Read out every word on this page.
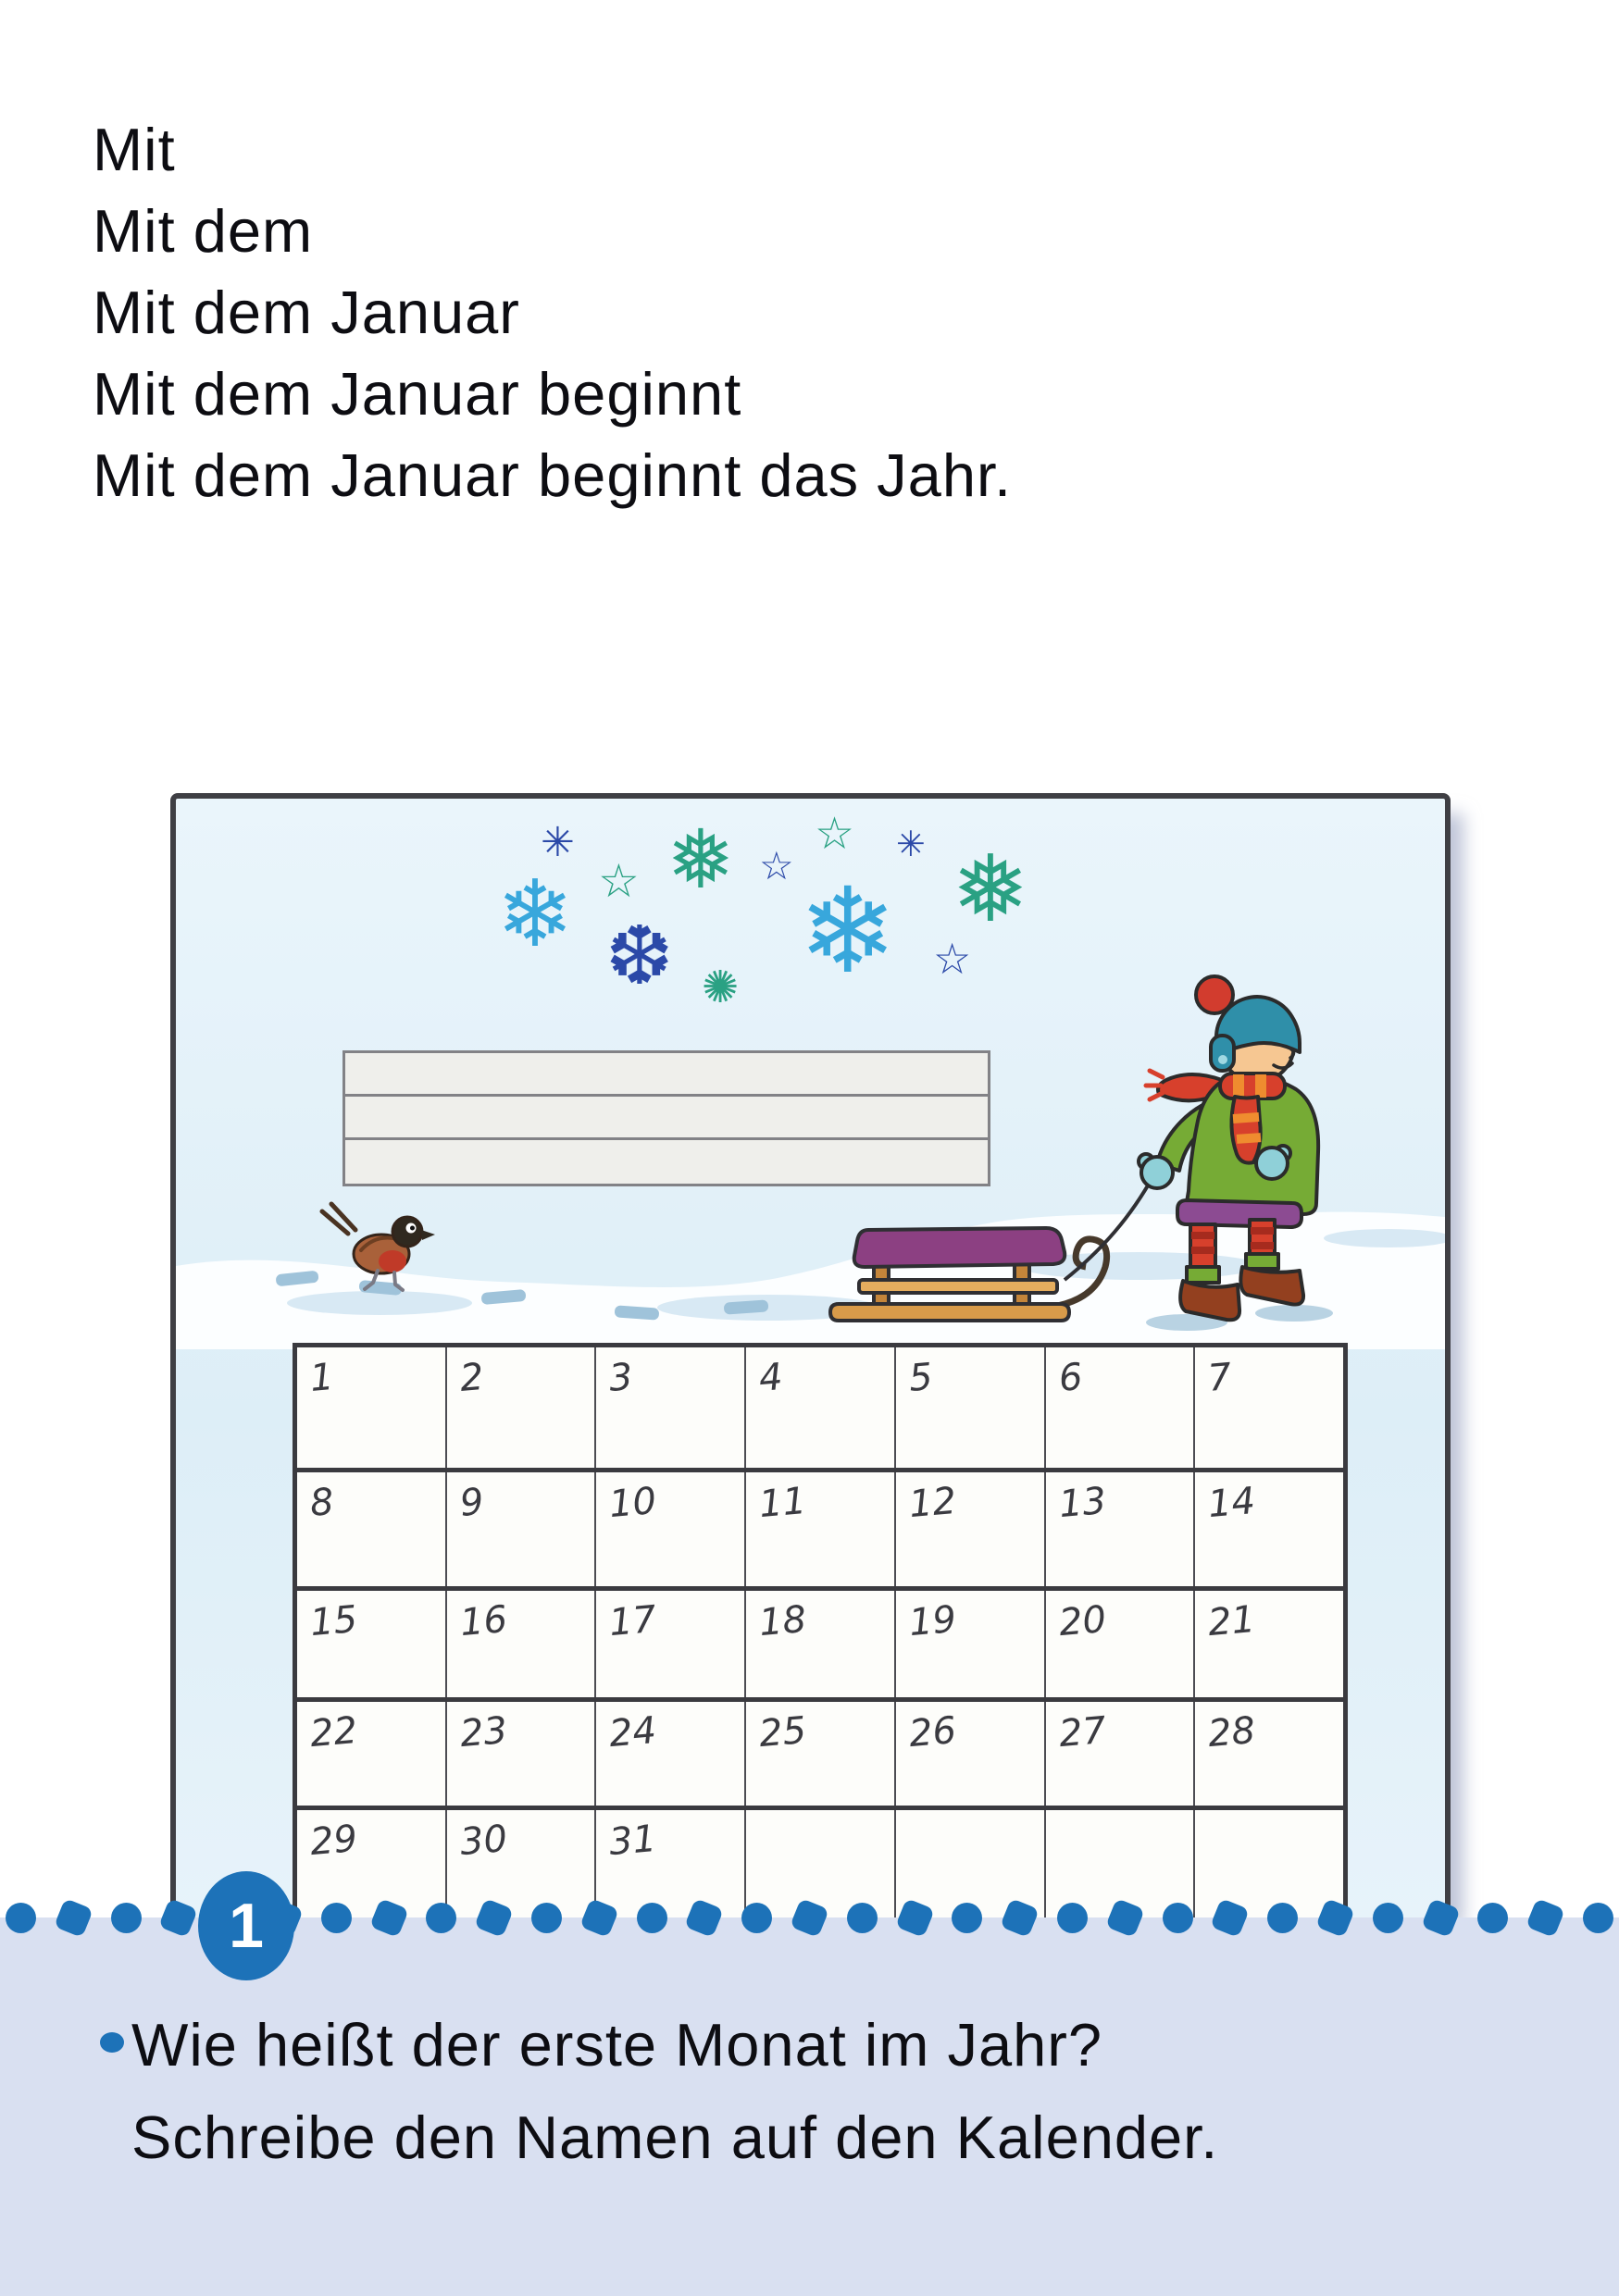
Mit

Mit dem

Mit dem Januar

Mit dem Januar beginnt

Mit dem Januar beginnt das Jahr.

✳
☆ ❅
❄ ❆ ✺
☆ ✳
☆ ❄ ❅
☆
1	2	3	4	5	6	7
8	9	10	11	12	13	14
15	16	17	18	19	20	21
22	23	24	25	26	27	28
29	30	31
1

Wie heißt der erste Monat im Jahr?

Schreibe den Namen auf den Kalender.
